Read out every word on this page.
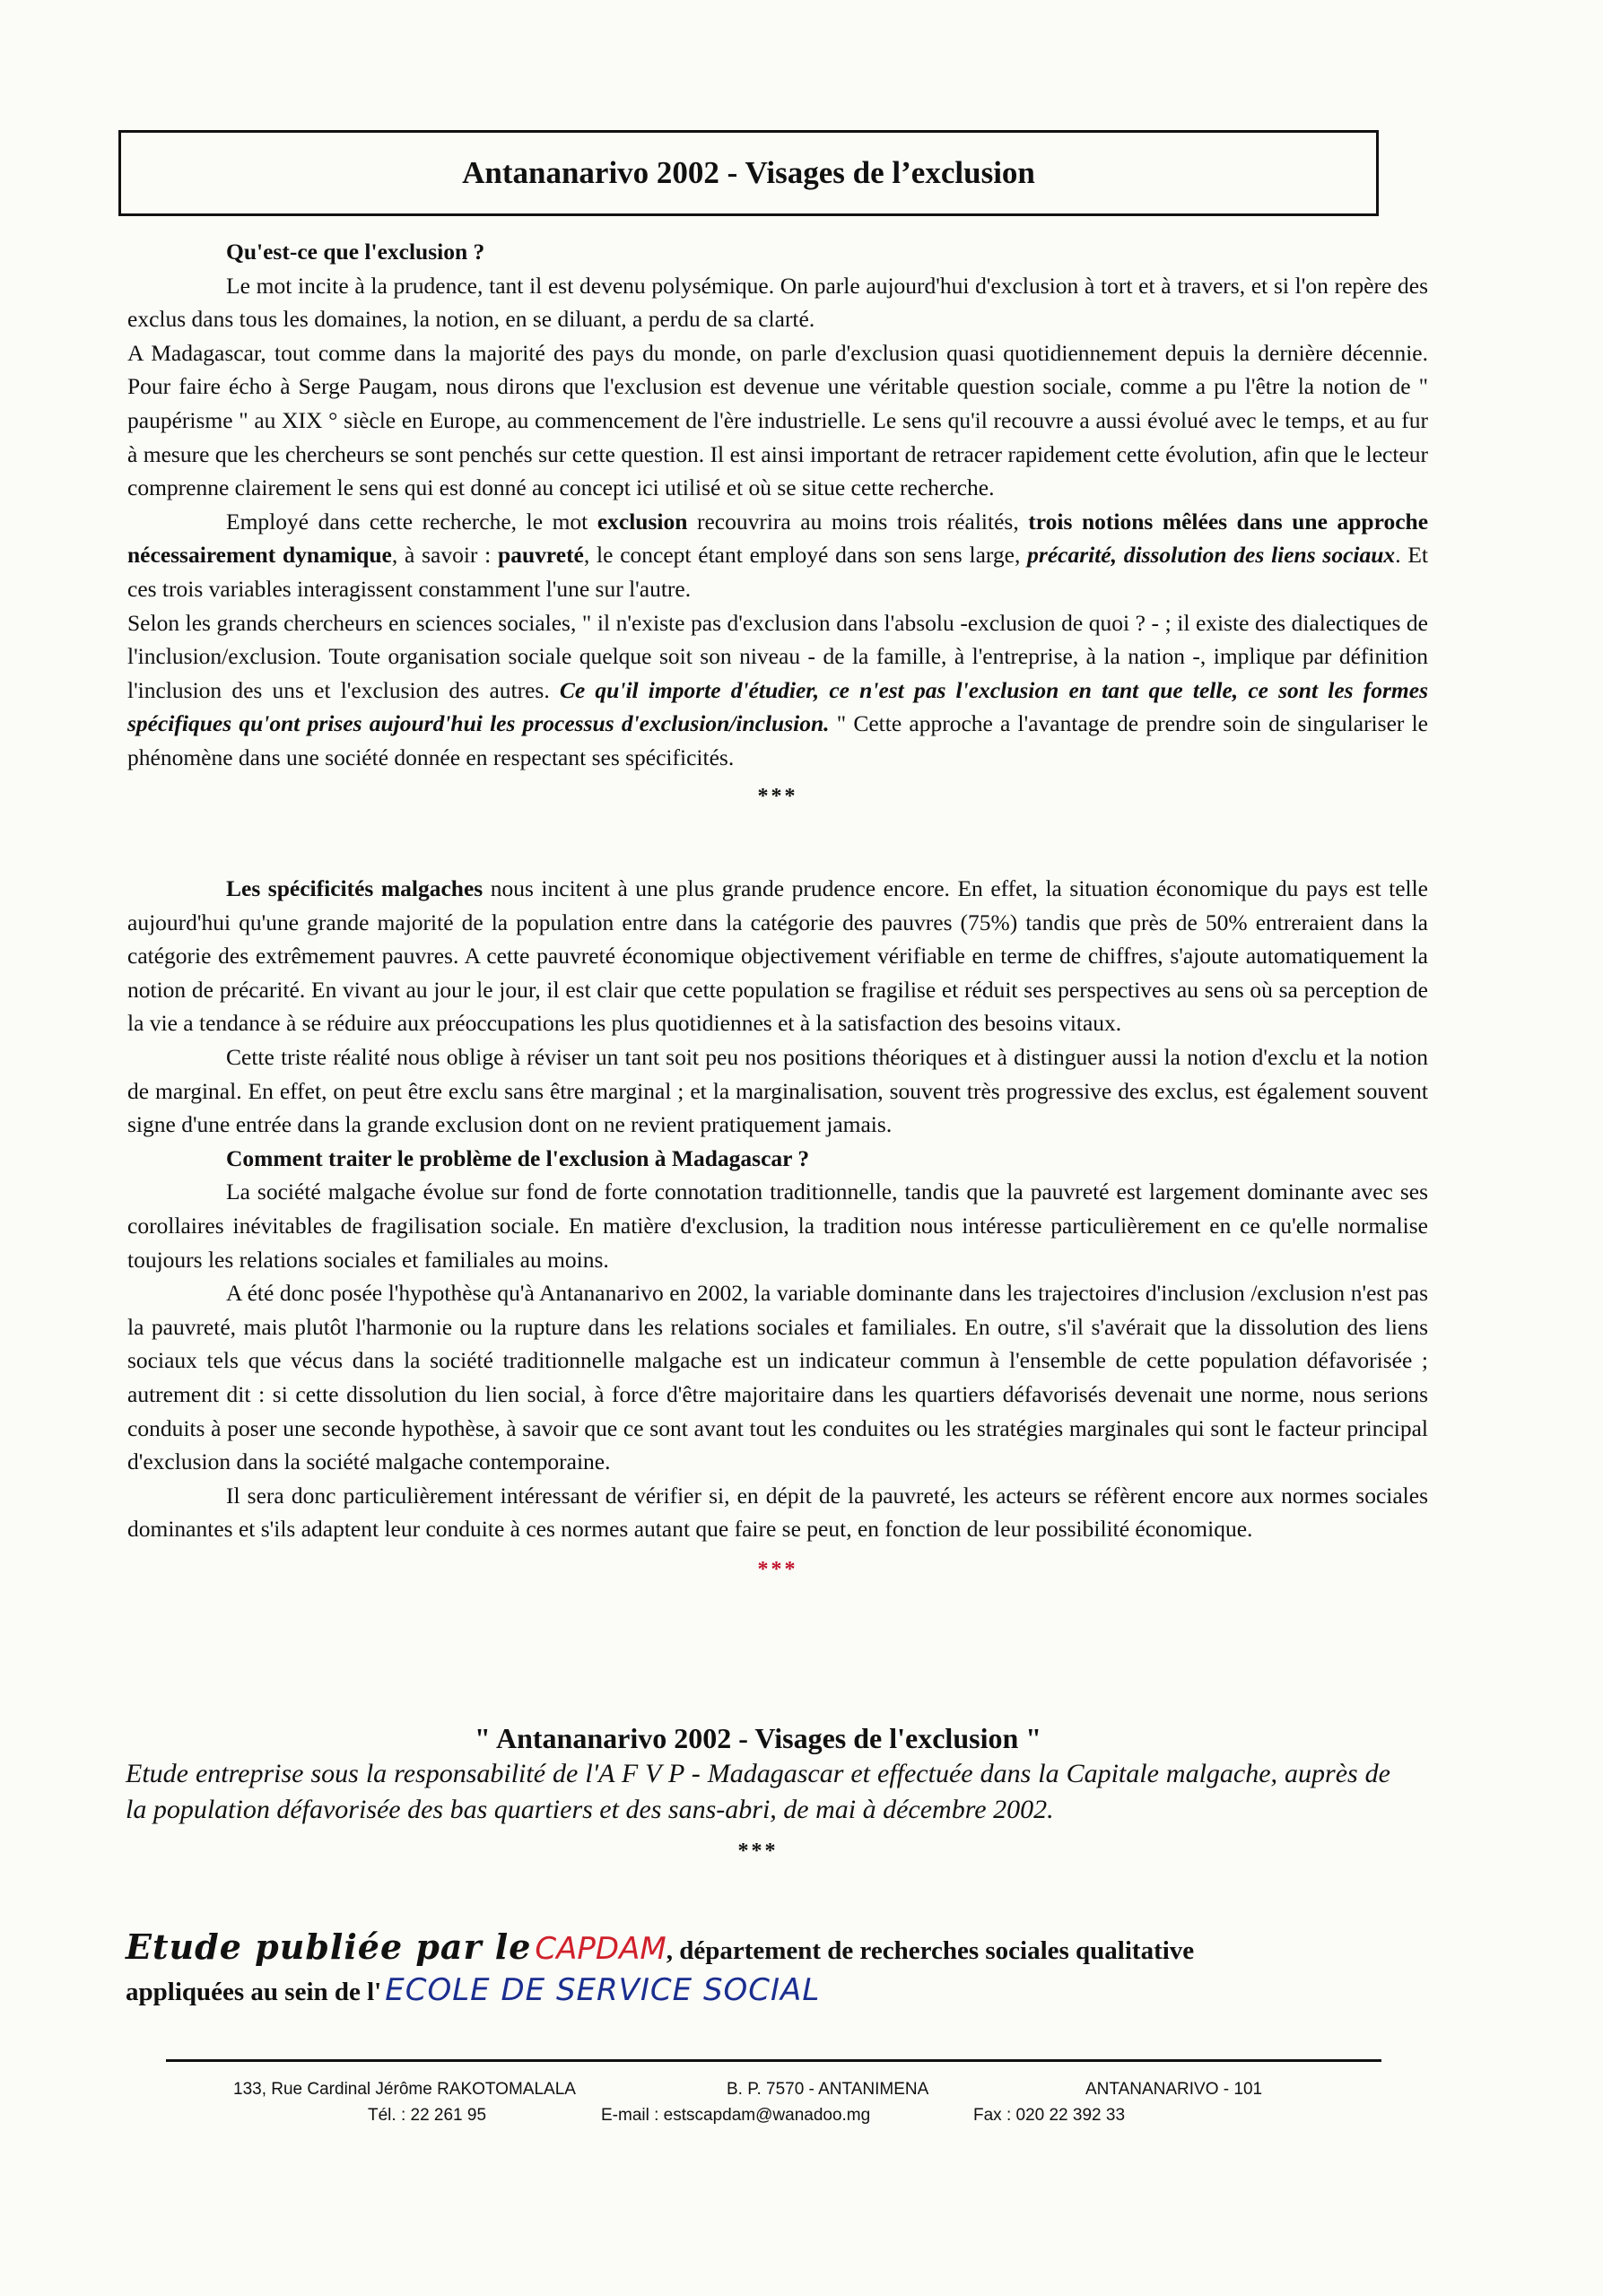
Antananarivo 2002 - Visages de l’exclusion

Qu'est-ce que l'exclusion ?

Le mot incite à la prudence, tant il est devenu polysémique. On parle aujourd'hui d'exclusion à tort et à travers, et si l'on repère des exclus dans tous les domaines, la notion, en se diluant, a perdu de sa clarté.

A Madagascar, tout comme dans la majorité des pays du monde, on parle d'exclusion quasi quotidiennement depuis la dernière décennie. Pour faire écho à Serge Paugam, nous dirons que l'exclusion est devenue une véritable question sociale, comme a pu l'être la notion de " paupérisme " au XIX ° siècle en Europe, au commencement de l'ère industrielle. Le sens qu'il recouvre a aussi évolué avec le temps, et au fur à mesure que les chercheurs se sont penchés sur cette question. Il est ainsi important de retracer rapidement cette évolution, afin que le lecteur comprenne clairement le sens qui est donné au concept ici utilisé et où se situe cette recherche.

Employé dans cette recherche, le mot exclusion recouvrira au moins trois réalités, trois notions mêlées dans une approche nécessairement dynamique, à savoir : pauvreté, le concept étant employé dans son sens large, précarité, dissolution des liens sociaux. Et ces trois variables interagissent constamment l'une sur l'autre.

Selon les grands chercheurs en sciences sociales, " il n'existe pas d'exclusion dans l'absolu -exclusion de quoi ? - ; il existe des dialectiques de l'inclusion/exclusion. Toute organisation sociale quelque soit son niveau - de la famille, à l'entreprise, à la nation -, implique par définition l'inclusion des uns et l'exclusion des autres. Ce qu'il importe d'étudier, ce n'est pas l'exclusion en tant que telle, ce sont les formes spécifiques qu'ont prises aujourd'hui les processus d'exclusion/inclusion. " Cette approche a l'avantage de prendre soin de singulariser le phénomène dans une société donnée en respectant ses spécificités.

***

Les spécificités malgaches nous incitent à une plus grande prudence encore. En effet, la situation économique du pays est telle aujourd'hui qu'une grande majorité de la population entre dans la catégorie des pauvres (75%) tandis que près de 50% entreraient dans la catégorie des extrêmement pauvres. A cette pauvreté économique objectivement vérifiable en terme de chiffres, s'ajoute automatiquement la notion de précarité. En vivant au jour le jour, il est clair que cette population se fragilise et réduit ses perspectives au sens où sa perception de la vie a tendance à se réduire aux préoccupations les plus quotidiennes et à la satisfaction des besoins vitaux.

Cette triste réalité nous oblige à réviser un tant soit peu nos positions théoriques et à distinguer aussi la notion d'exclu et la notion de marginal. En effet, on peut être exclu sans être marginal ; et la marginalisation, souvent très progressive des exclus, est également souvent signe d'une entrée dans la grande exclusion dont on ne revient pratiquement jamais.

Comment traiter le problème de l'exclusion à Madagascar ?

La société malgache évolue sur fond de forte connotation traditionnelle, tandis que la pauvreté est largement dominante avec ses corollaires inévitables de fragilisation sociale. En matière d'exclusion, la tradition nous intéresse particulièrement en ce qu'elle normalise toujours les relations sociales et familiales au moins.

A été donc posée l'hypothèse qu'à Antananarivo en 2002, la variable dominante dans les trajectoires d'inclusion /exclusion n'est pas la pauvreté, mais plutôt l'harmonie ou la rupture dans les relations sociales et familiales. En outre, s'il s'avérait que la dissolution des liens sociaux tels que vécus dans la société traditionnelle malgache est un indicateur commun à l'ensemble de cette population défavorisée ; autrement dit : si cette dissolution du lien social, à force d'être majoritaire dans les quartiers défavorisés devenait une norme, nous serions conduits à poser une seconde hypothèse, à savoir que ce sont avant tout les conduites ou les stratégies marginales qui sont le facteur principal d'exclusion dans la société malgache contemporaine.

Il sera donc particulièrement intéressant de vérifier si, en dépit de la pauvreté, les acteurs se réfèrent encore aux normes sociales dominantes et s'ils adaptent leur conduite à ces normes autant que faire se peut, en fonction de leur possibilité économique.

***

" Antananarivo 2002 - Visages de l'exclusion "

Etude entreprise sous la responsabilité de l'A F V P - Madagascar et effectuée dans la Capitale malgache, auprès de la population défavorisée des bas quartiers et des sans-abri, de mai à décembre 2002.

***

Etude publiée par le CAPDAM, département de recherches sociales qualitative
appliquées au sein de l' ECOLE DE SERVICE SOCIAL
133, Rue Cardinal Jérôme RAKOTOMALALA	B. P. 7570 - ANTANIMENA	ANTANANARIVO - 101
Tél. : 22 261 95	E-mail : estscapdam@wanadoo.mg	Fax : 020 22 392 33
